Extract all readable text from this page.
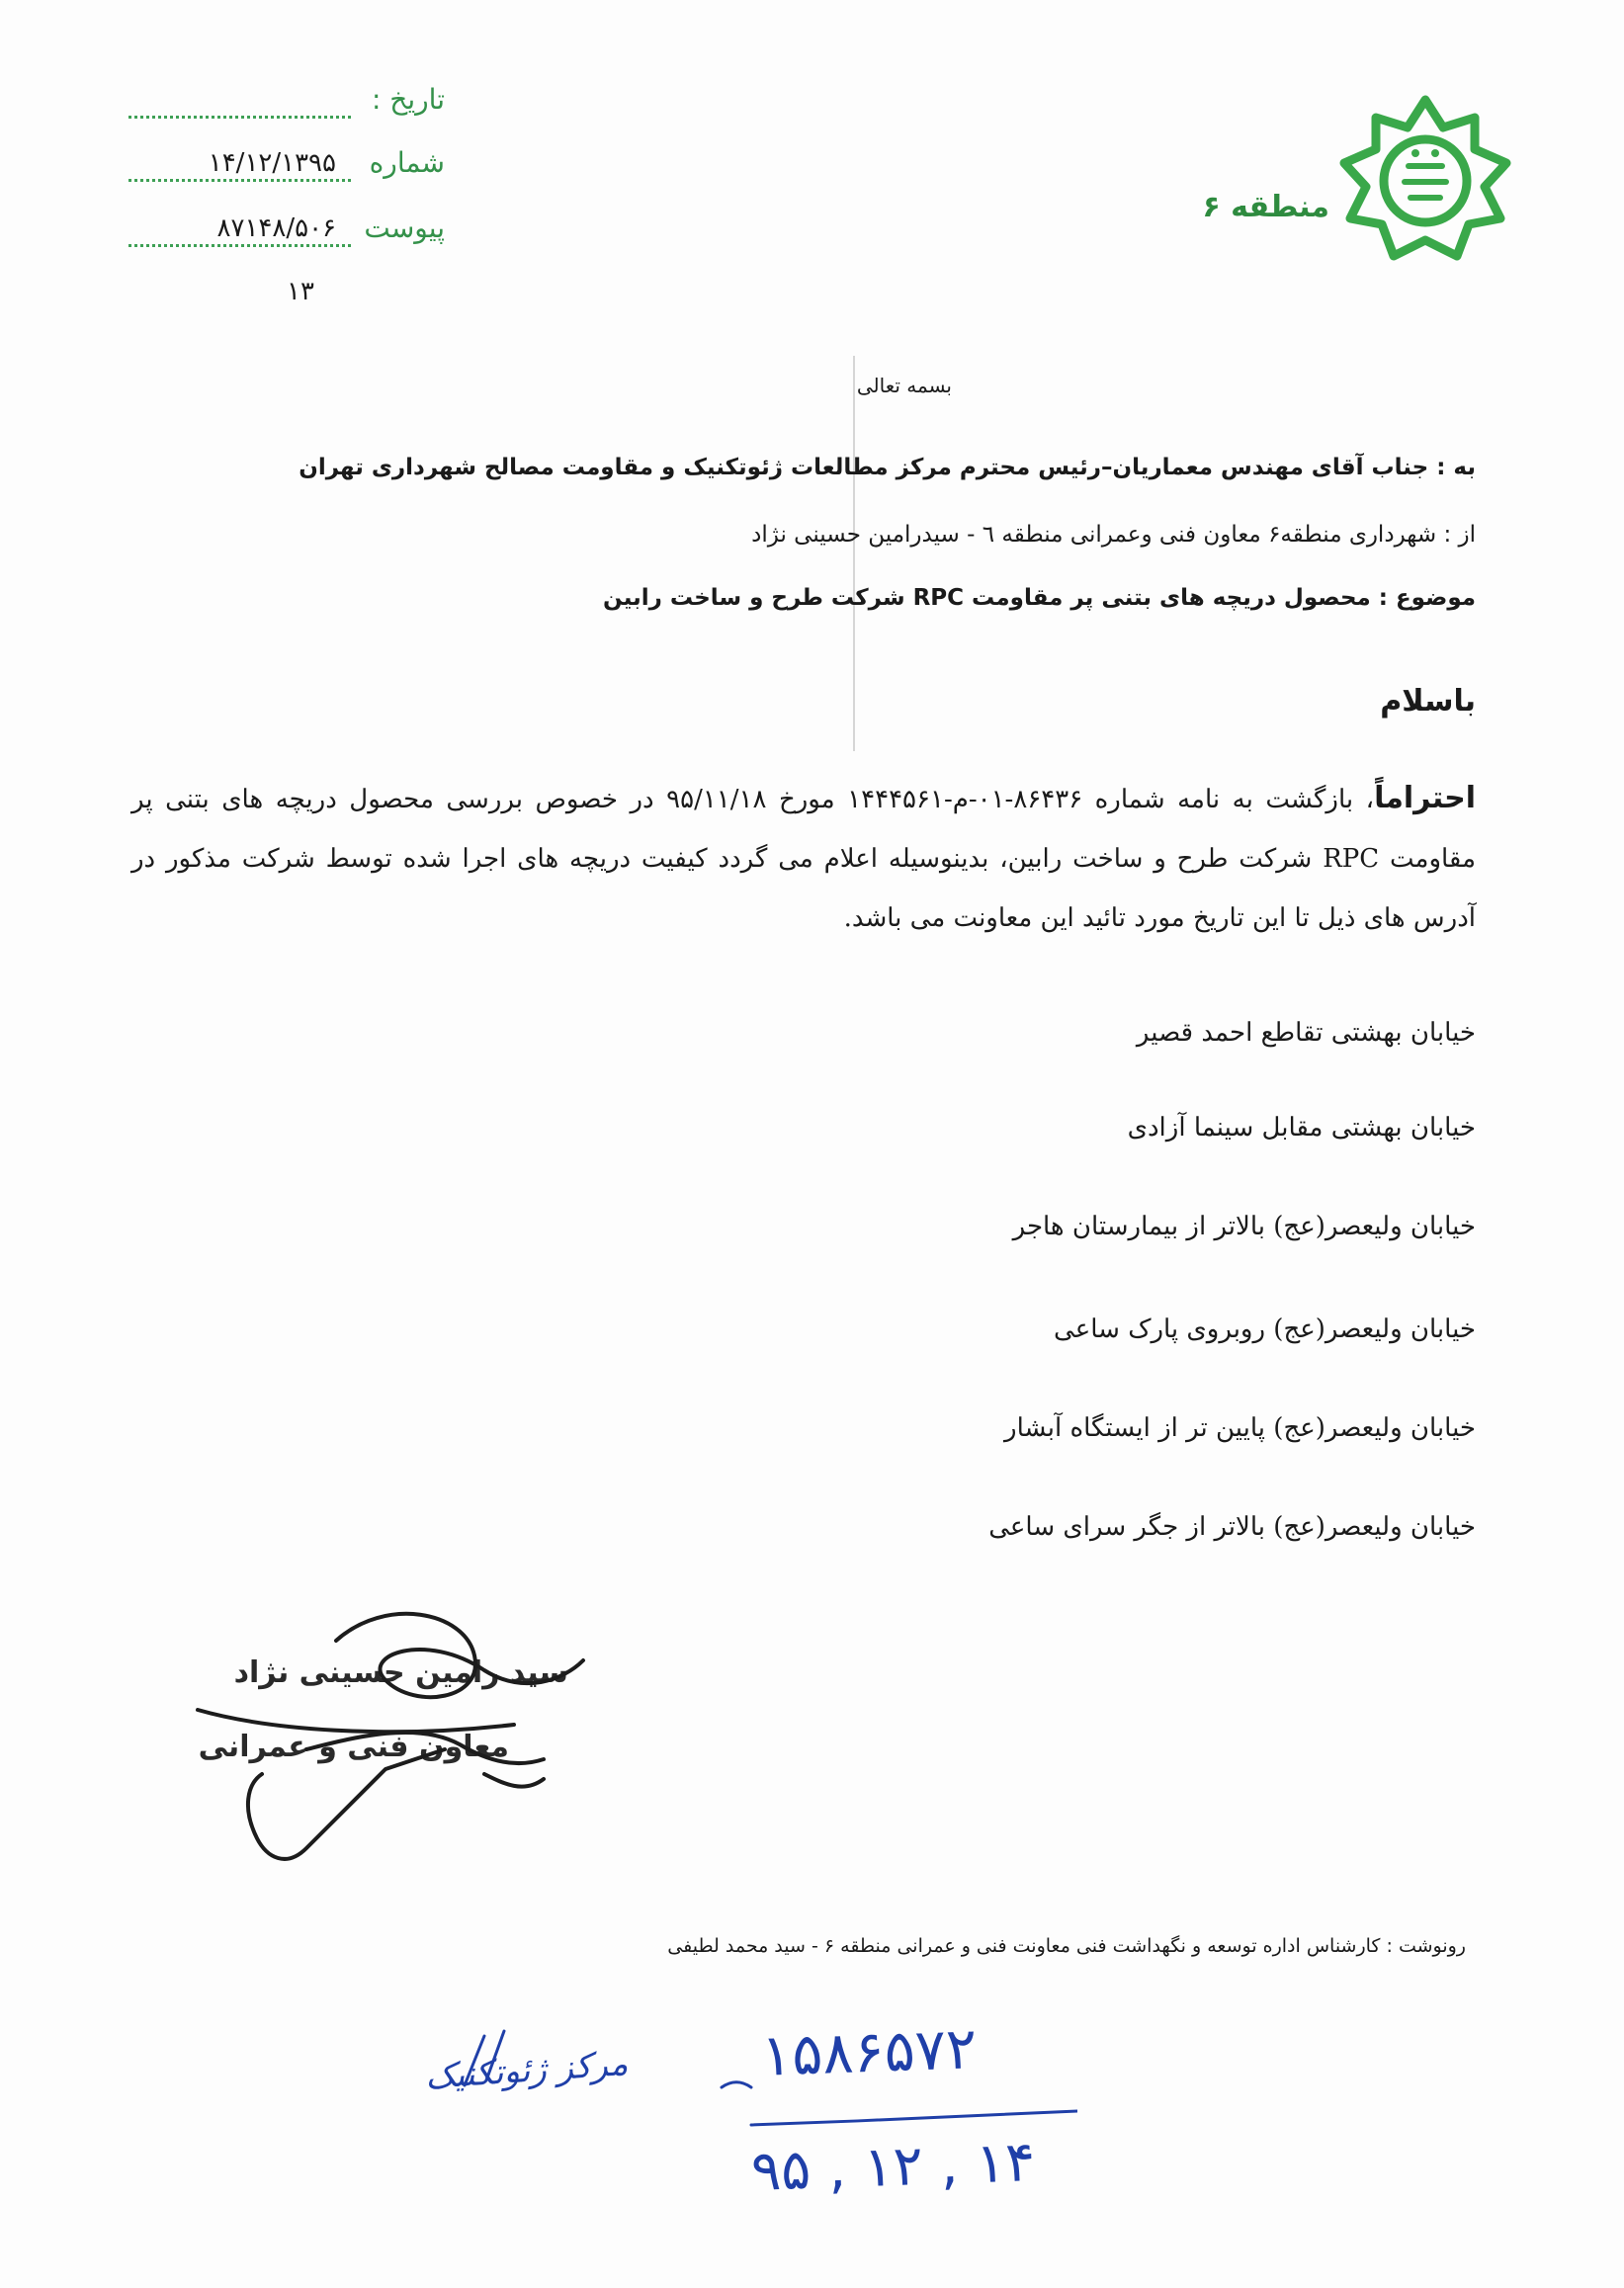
منطقه ۶
تاریخ :
شماره
۱۴/۱۲/۱۳۹۵
پیوست
۸۷۱۴۸/۵۰۶
۱۳
بسمه تعالی
به : جناب آقای مهندس معماریان–رئیس محترم مرکز مطالعات ژئوتکنیک و مقاومت مصالح شهرداری تهران
از : شهرداری منطقه۶ معاون فنی وعمرانی منطقه ٦ - سیدرامین حسینی نژاد
موضوع : محصول دریچه های بتنی پر مقاومت RPC شرکت طرح و ساخت رابین
باسلام
احتراماً، بازگشت به نامه شماره ۸۶۴۳۶-۰۱-م-۱۴۴۴۵۶۱ مورخ ۹۵/۱۱/۱۸ در خصوص بررسی محصول دریچه های بتنی پر مقاومت RPC شرکت طرح و ساخت رابین، بدینوسیله اعلام می گردد کیفیت دریچه های اجرا شده توسط شرکت مذکور در آدرس های ذیل تا این تاریخ مورد تائید این معاونت می باشد.
خیابان بهشتی تقاطع احمد قصیر
خیابان بهشتی مقابل سینما آزادی
خیابان ولیعصر(عج) بالاتر از بیمارستان هاجر
خیابان ولیعصر(عج) روبروی پارک ساعی
خیابان ولیعصر(عج) پایین تر از ایستگاه آبشار
خیابان ولیعصر(عج) بالاتر از جگر سرای ساعی
سید رامین حسینی نژاد
معاون فنی و عمرانی
رونوشت : کارشناس اداره توسعه و نگهداشت فنی معاونت فنی و عمرانی منطقه ۶ - سید محمد لطیفی
مرکز ژئوتکنیک ۱۵۸۶۵۷۲
۹۵ , ۱۲ , ۱۴
